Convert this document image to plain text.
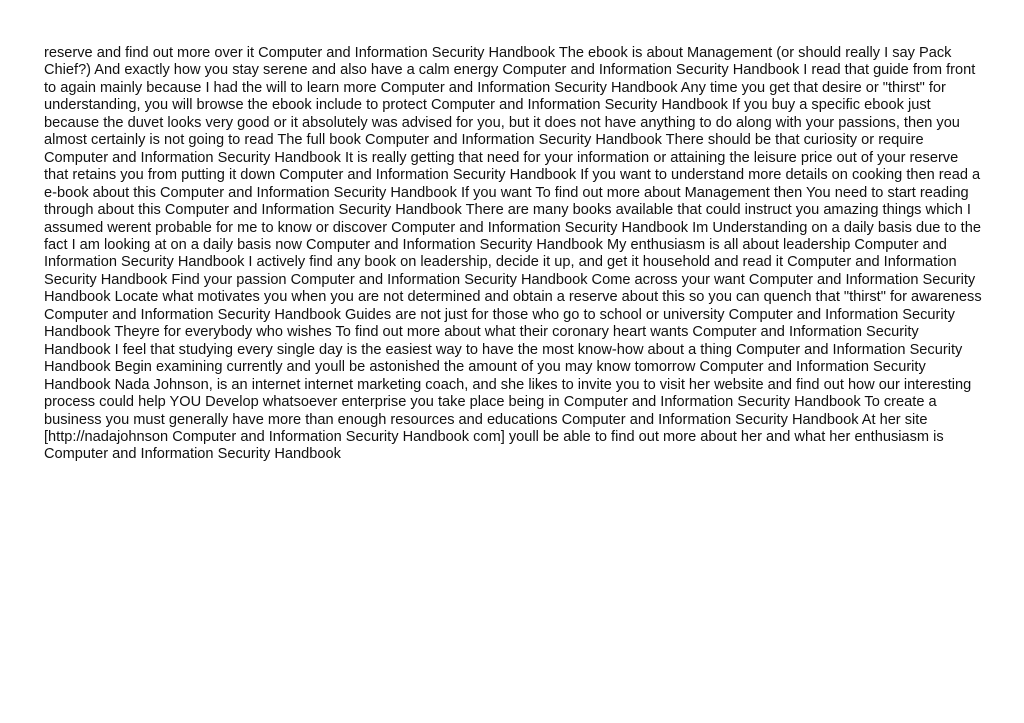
reserve and find out more over it Computer and Information Security Handbook The ebook is about Management (or should really I say Pack Chief?) And exactly how you stay serene and also have a calm energy Computer and Information Security Handbook I read that guide from front to again mainly because I had the will to learn more Computer and Information Security Handbook Any time you get that desire or "thirst" for understanding, you will browse the ebook include to protect Computer and Information Security Handbook If you buy a specific ebook just because the duvet looks very good or it absolutely was advised for you, but it does not have anything to do along with your passions, then you almost certainly is not going to read The full book Computer and Information Security Handbook There should be that curiosity or require Computer and Information Security Handbook It is really getting that need for your information or attaining the leisure price out of your reserve that retains you from putting it down Computer and Information Security Handbook If you want to understand more details on cooking then read a e-book about this Computer and Information Security Handbook If you want To find out more about Management then You need to start reading through about this Computer and Information Security Handbook There are many books available that could instruct you amazing things which I assumed werent probable for me to know or discover Computer and Information Security Handbook Im Understanding on a daily basis due to the fact I am looking at on a daily basis now Computer and Information Security Handbook My enthusiasm is all about leadership Computer and Information Security Handbook I actively find any book on leadership, decide it up, and get it household and read it Computer and Information Security Handbook Find your passion Computer and Information Security Handbook Come across your want Computer and Information Security Handbook Locate what motivates you when you are not determined and obtain a reserve about this so you can quench that "thirst" for awareness Computer and Information Security Handbook Guides are not just for those who go to school or university Computer and Information Security Handbook Theyre for everybody who wishes To find out more about what their coronary heart wants Computer and Information Security Handbook I feel that studying every single day is the easiest way to have the most know-how about a thing Computer and Information Security Handbook Begin examining currently and youll be astonished the amount of you may know tomorrow Computer and Information Security Handbook Nada Johnson, is an internet internet marketing coach, and she likes to invite you to visit her website and find out how our interesting process could help YOU Develop whatsoever enterprise you take place being in Computer and Information Security Handbook To create a business you must generally have more than enough resources and educations Computer and Information Security Handbook At her site [http://nadajohnson Computer and Information Security Handbook com] youll be able to find out more about her and what her enthusiasm is Computer and Information Security Handbook
